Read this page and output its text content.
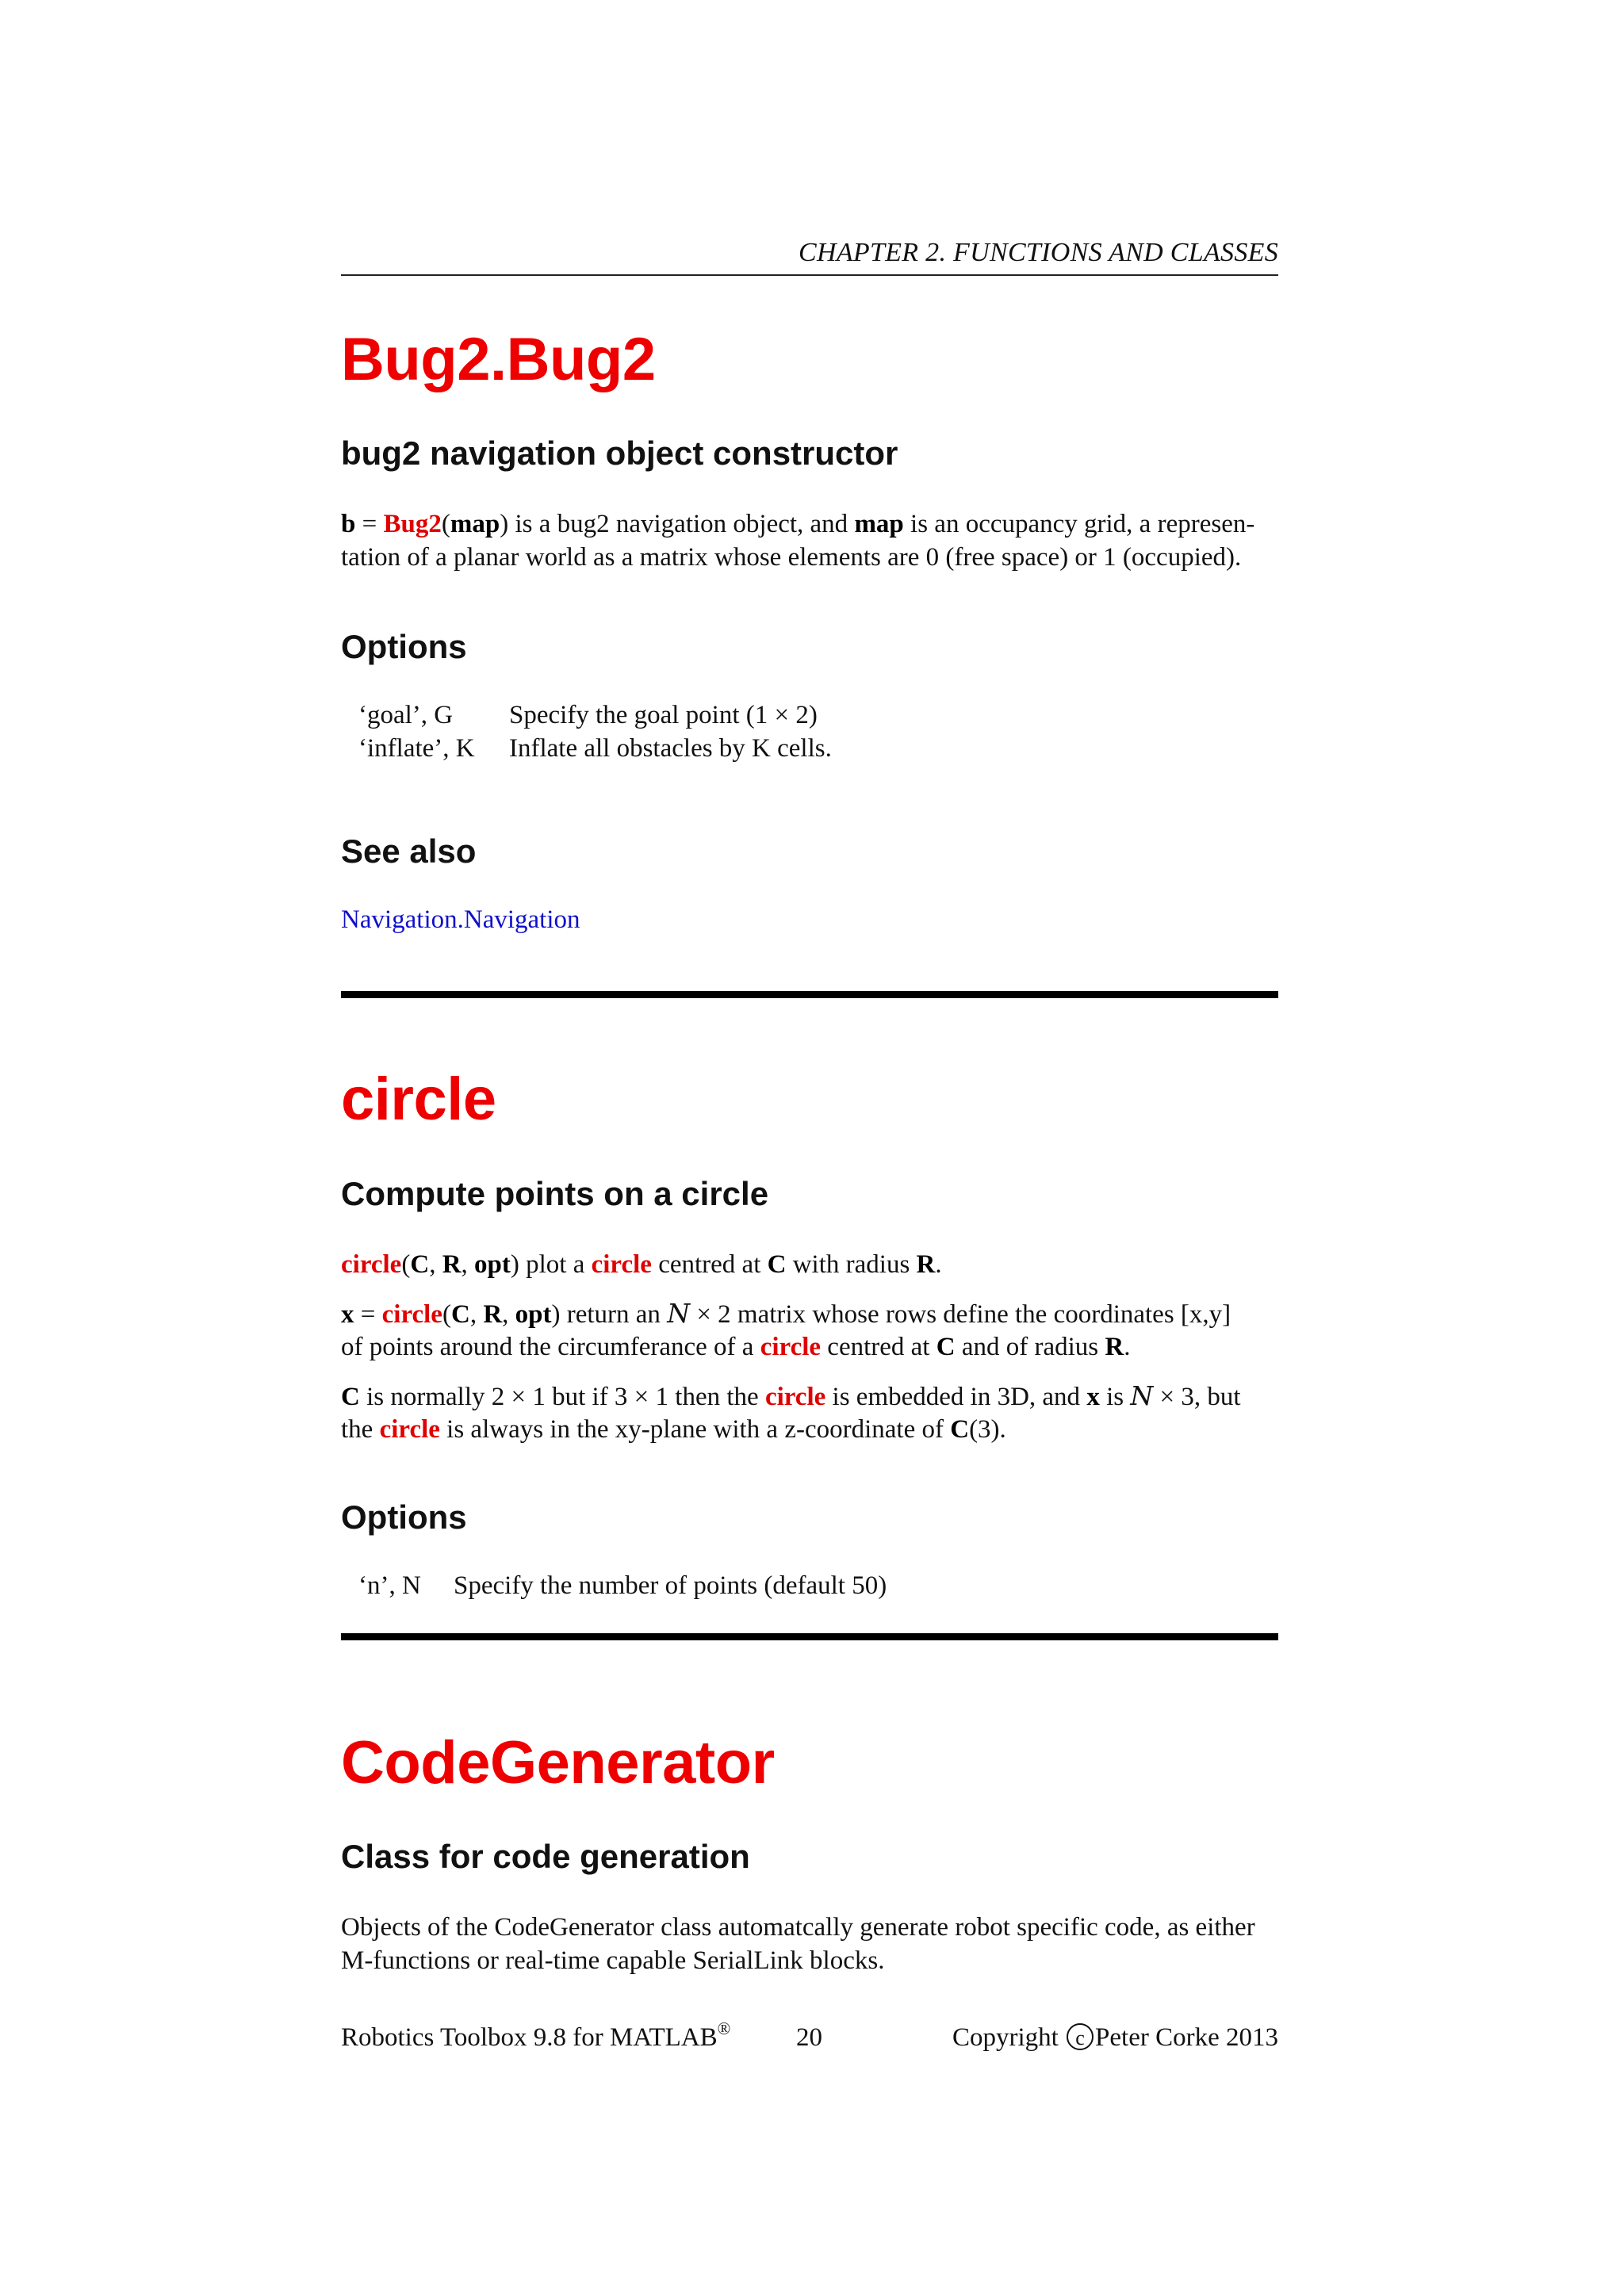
CHAPTER 2. FUNCTIONS AND CLASSES
Bug2.Bug2
bug2 navigation object constructor
b = Bug2(map) is a bug2 navigation object, and map is an occupancy grid, a represen-
tation of a planar world as a matrix whose elements are 0 (free space) or 1 (occupied).
Options
‘goal’, G Specify the goal point (1 × 2)
‘inflate’, K Inflate all obstacles by K cells.
See also
Navigation.Navigation
circle
Compute points on a circle
circle(C, R, opt) plot a circle centred at C with radius R.
x = circle(C, R, opt) return an N × 2 matrix whose rows define the coordinates [x,y]
of points around the circumferance of a circle centred at C and of radius R.
C is normally 2 × 1 but if 3 × 1 then the circle is embedded in 3D, and x is N × 3, but
the circle is always in the xy-plane with a z-coordinate of C(3).
Options
‘n’, N Specify the number of points (default 50)
CodeGenerator
Class for code generation
Objects of the CodeGenerator class automatcally generate robot specific code, as either
M-functions or real-time capable SerialLink blocks.
Robotics Toolbox 9.8 for MATLAB®	20	Copyright c Peter Corke 2013
